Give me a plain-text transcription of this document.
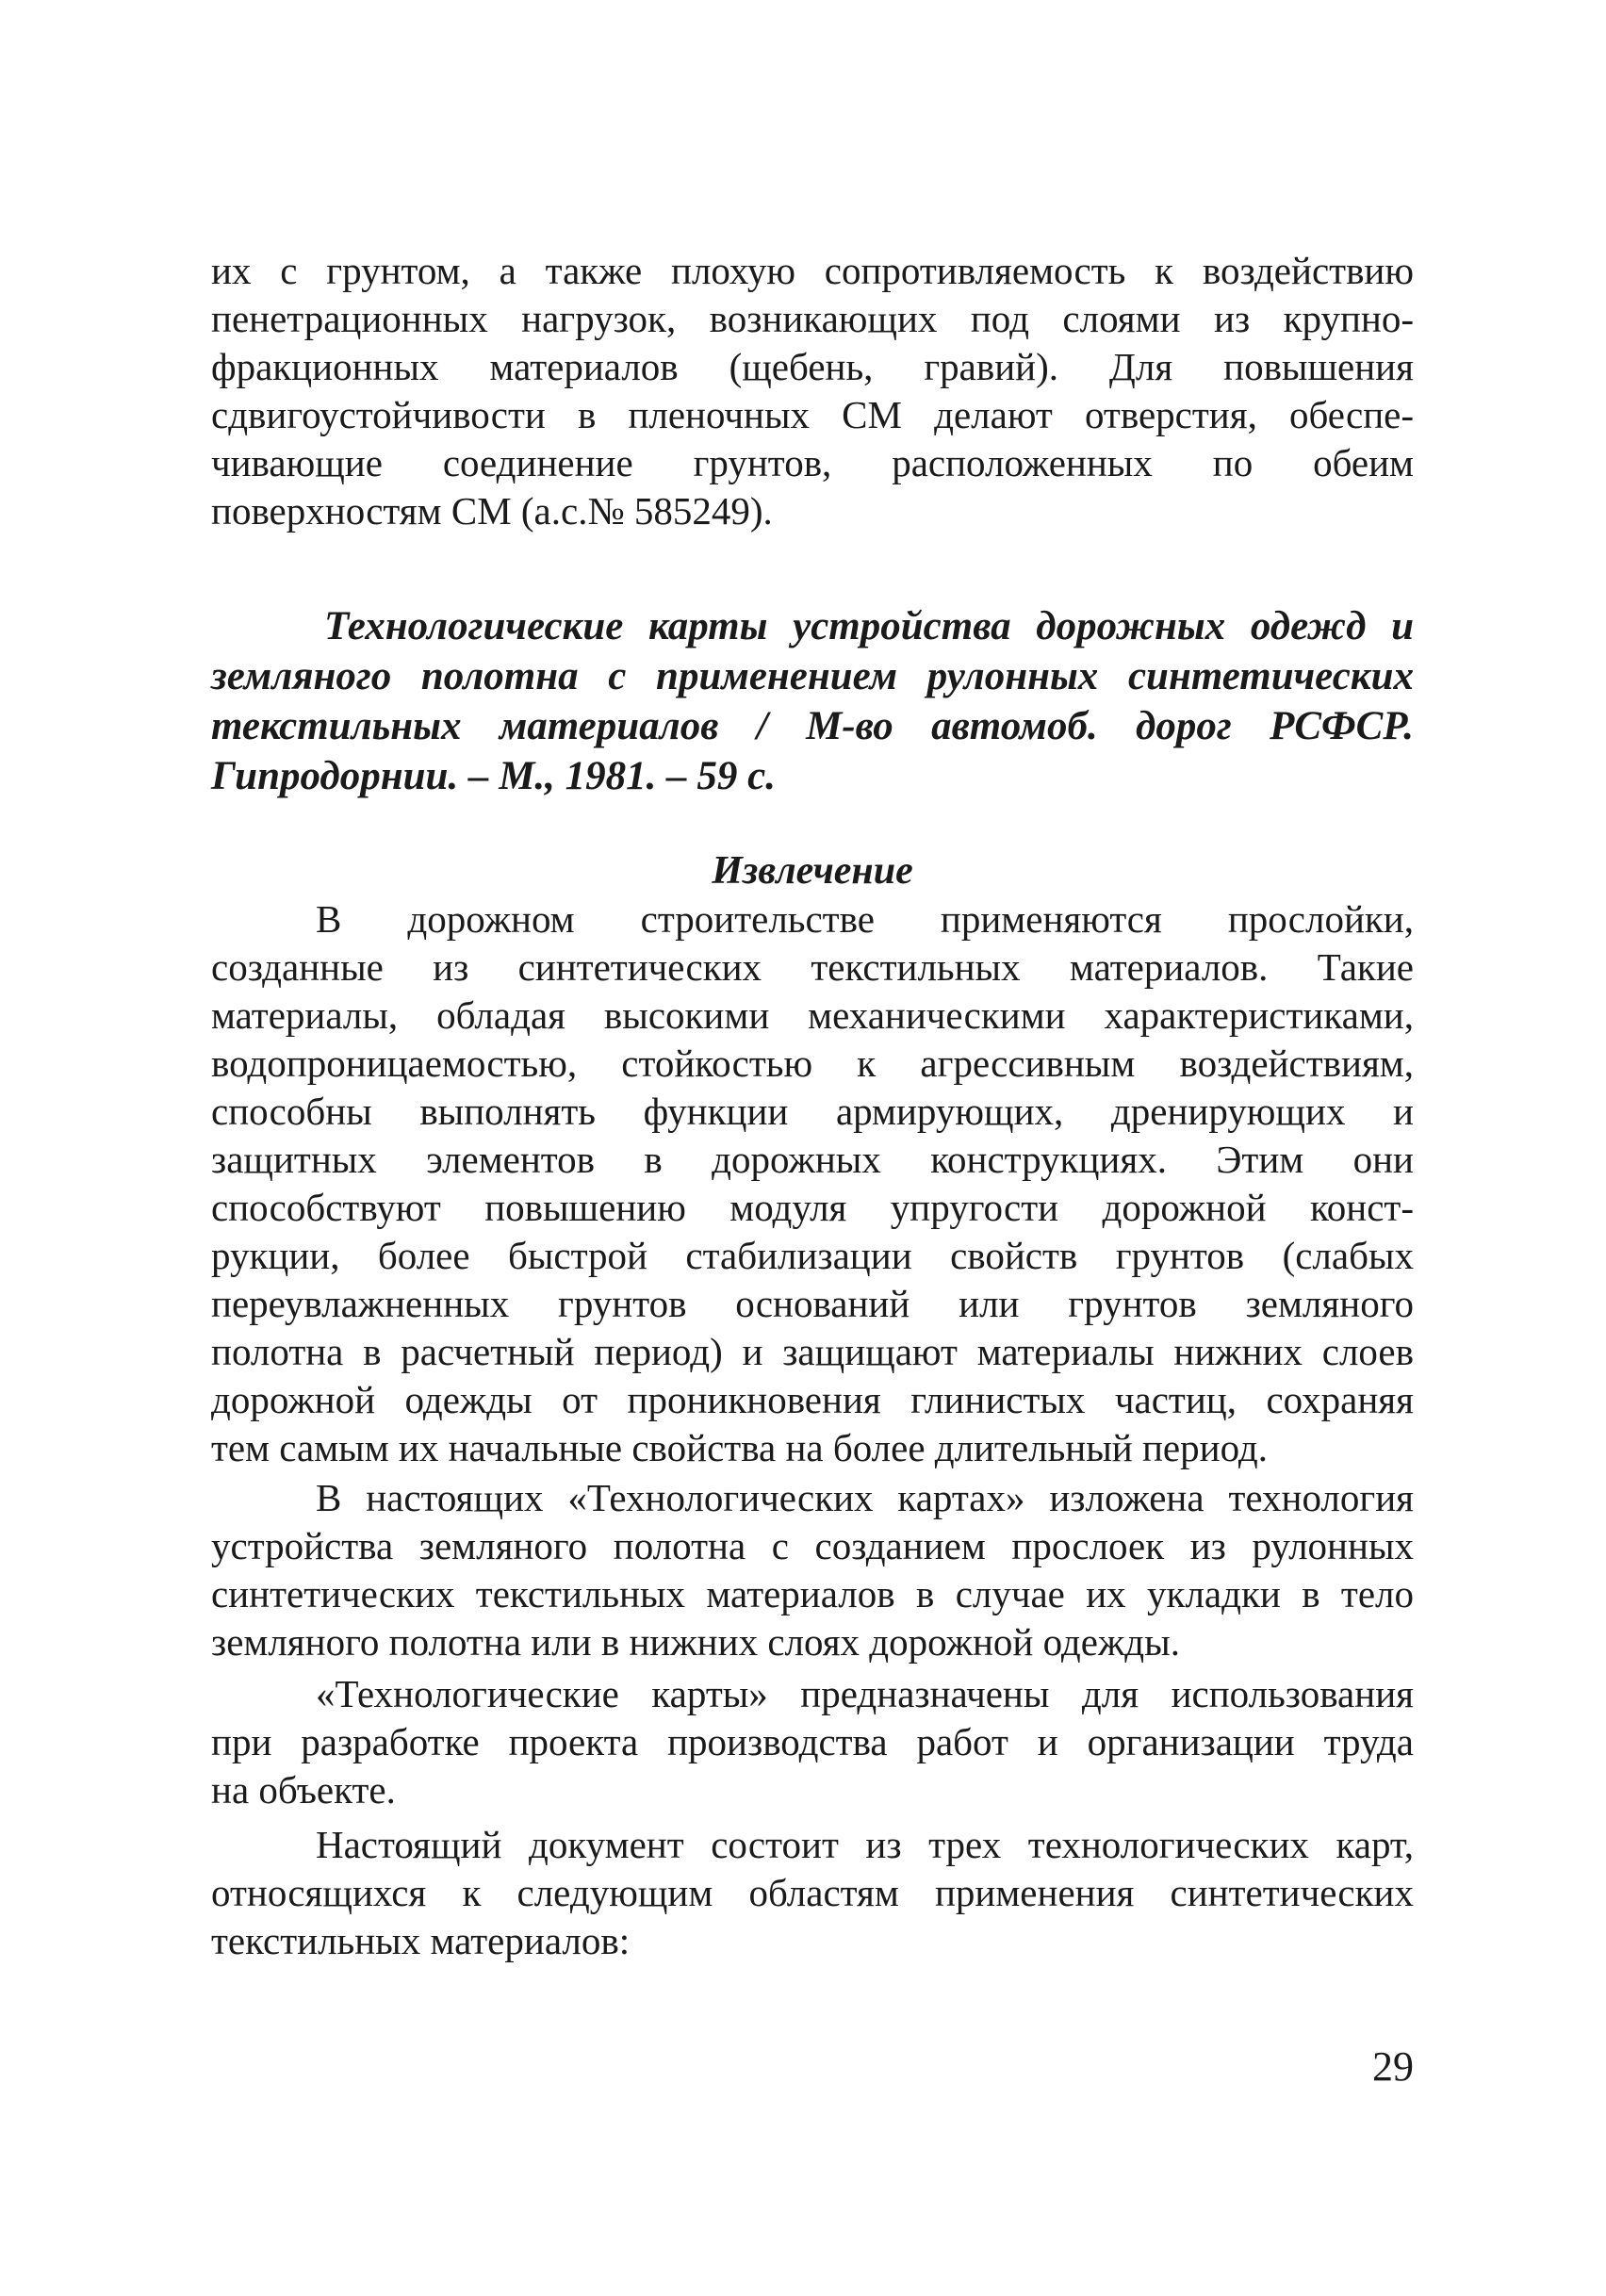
их с грунтом, а также плохую сопротивляемость к воздействию
пенетрационных нагрузок, возникающих под слоями из крупно-
фракционных материалов (щебень, гравий). Для повышения
сдвигоустойчивости в пленочных СМ делают отверстия, обеспе-
чивающие соединение грунтов, расположенных по обеим
поверхностям СМ (а.с.№ 585249).
Технологические карты устройства дорожных одежд и
земляного полотна с применением рулонных синтетических
текстильных материалов / М-во автомоб. дорог РСФСР.
Гипродорнии. – М., 1981. – 59 с.
Извлечение
В дорожном строительстве применяются прослойки,
созданные из синтетических текстильных материалов. Такие
материалы, обладая высокими механическими характеристиками,
водопроницаемостью, стойкостью к агрессивным воздействиям,
способны выполнять функции армирующих, дренирующих и
защитных элементов в дорожных конструкциях. Этим они
способствуют повышению модуля упругости дорожной конст-
рукции, более быстрой стабилизации свойств грунтов (слабых
переувлажненных грунтов оснований или грунтов земляного
полотна в расчетный период) и защищают материалы нижних слоев
дорожной одежды от проникновения глинистых частиц, сохраняя
тем самым их начальные свойства на более длительный период.
В настоящих «Технологических картах» изложена технология
устройства земляного полотна с созданием прослоек из рулонных
синтетических текстильных материалов в случае их укладки в тело
земляного полотна или в нижних слоях дорожной одежды.
«Технологические карты» предназначены для использования
при разработке проекта производства работ и организации труда
на объекте.
Настоящий документ состоит из трех технологических карт,
относящихся к следующим областям применения синтетических
текстильных материалов:
29
